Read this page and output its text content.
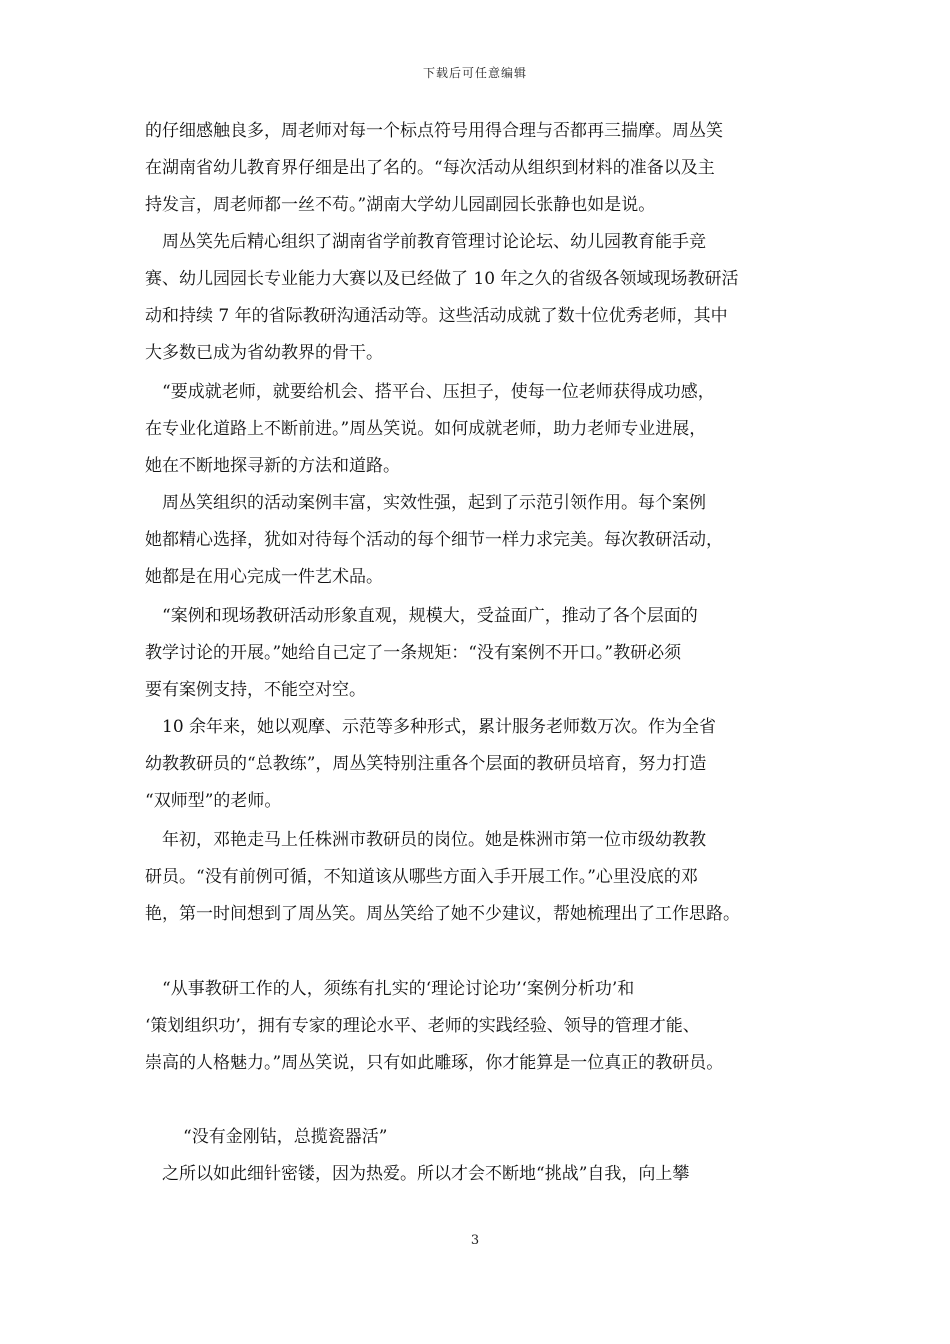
下载后可任意编辑
的仔细感触良多，周老师对每一个标点符号用得合理与否都再三揣摩。周丛笑
在湖南省幼儿教育界仔细是出了名的。“每次活动从组织到材料的准备以及主
持发言，周老师都一丝不苟。”湖南大学幼儿园副园长张静也如是说。
　周丛笑先后精心组织了湖南省学前教育管理讨论论坛、幼儿园教育能手竞
赛、幼儿园园长专业能力大赛以及已经做了 10 年之久的省级各领域现场教研活
动和持续 7 年的省际教研沟通活动等。这些活动成就了数十位优秀老师，其中
大多数已成为省幼教界的骨干。
　“要成就老师，就要给机会、搭平台、压担子，使每一位老师获得成功感，
在专业化道路上不断前进。”周丛笑说。如何成就老师，助力老师专业进展，
她在不断地探寻新的方法和道路。
　周丛笑组织的活动案例丰富，实效性强，起到了示范引领作用。每个案例
她都精心选择，犹如对待每个活动的每个细节一样力求完美。每次教研活动，
她都是在用心完成一件艺术品。
　“案例和现场教研活动形象直观，规模大，受益面广，推动了各个层面的
教学讨论的开展。”她给自己定了一条规矩：“没有案例不开口。”教研必须
要有案例支持，不能空对空。
　10 余年来，她以观摩、示范等多种形式，累计服务老师数万次。作为全省
幼教教研员的“总教练”，周丛笑特别注重各个层面的教研员培育，努力打造
“双师型”的老师。
　年初，邓艳走马上任株洲市教研员的岗位。她是株洲市第一位市级幼教教
研员。“没有前例可循，不知道该从哪些方面入手开展工作。”心里没底的邓
艳，第一时间想到了周丛笑。周丛笑给了她不少建议，帮她梳理出了工作思路。
　“从事教研工作的人，须练有扎实的‘理论讨论功’‘案例分析功’和
‘策划组织功’，拥有专家的理论水平、老师的实践经验、领导的管理才能、
崇高的人格魅力。”周丛笑说，只有如此雕琢，你才能算是一位真正的教研员。
“没有金刚钻，总揽瓷器活”
　之所以如此细针密镂，因为热爱。所以才会不断地“挑战”自我，向上攀
3
